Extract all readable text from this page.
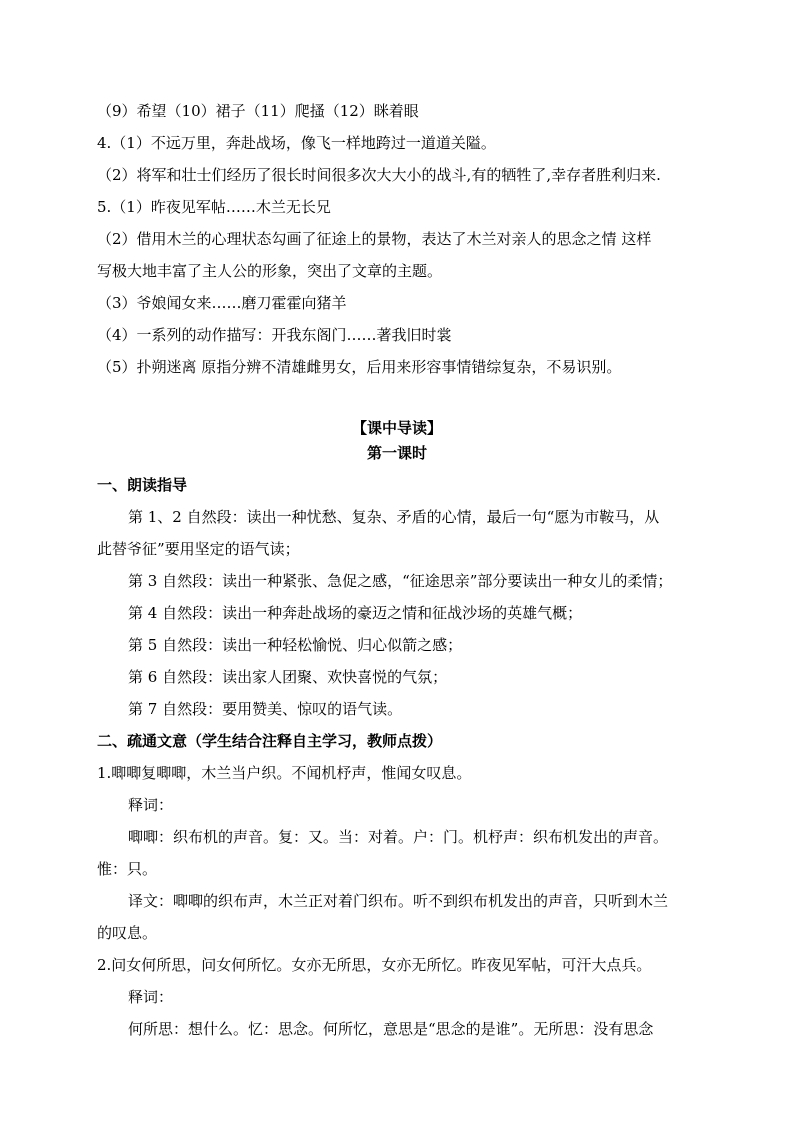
（9）希望（10）裙子（11）爬搔（12）眯着眼
4.（1）不远万里，奔赴战场，像飞一样地跨过一道道关隘。
（2）将军和壮士们经历了很长时间很多次大大小的战斗,有的牺牲了,幸存者胜利归来.
5.（1）昨夜见军帖……木兰无长兄
（2）借用木兰的心理状态勾画了征途上的景物，表达了木兰对亲人的思念之情 这样
写极大地丰富了主人公的形象，突出了文章的主题。
（3）爷娘闻女来……磨刀霍霍向猪羊
（4）一系列的动作描写：开我东阁门……著我旧时裳
（5）扑朔迷离 原指分辨不清雄雌男女，后用来形容事情错综复杂，不易识别。
【课中导读】
第一课时
一、朗读指导
第 1、2 自然段：读出一种忧愁、复杂、矛盾的心情，最后一句“愿为市鞍马，从
此替爷征”要用坚定的语气读；
第 3 自然段：读出一种紧张、急促之感，“征途思亲”部分要读出一种女儿的柔情；
第 4 自然段：读出一种奔赴战场的豪迈之情和征战沙场的英雄气概；
第 5 自然段：读出一种轻松愉悦、归心似箭之感；
第 6 自然段：读出家人团聚、欢快喜悦的气氛；
第 7 自然段：要用赞美、惊叹的语气读。
二、疏通文意（学生结合注释自主学习，教师点拨）
1.唧唧复唧唧，木兰当户织。不闻机杼声，惟闻女叹息。
释词：
唧唧：织布机的声音。复：又。当：对着。户：门。机杼声：织布机发出的声音。
惟：只。
译文：唧唧的织布声，木兰正对着门织布。听不到织布机发出的声音，只听到木兰
的叹息。
2.问女何所思，问女何所忆。女亦无所思，女亦无所忆。昨夜见军帖，可汗大点兵。
释词：
何所思：想什么。忆：思念。何所忆，意思是“思念的是谁”。无所思：没有思念
